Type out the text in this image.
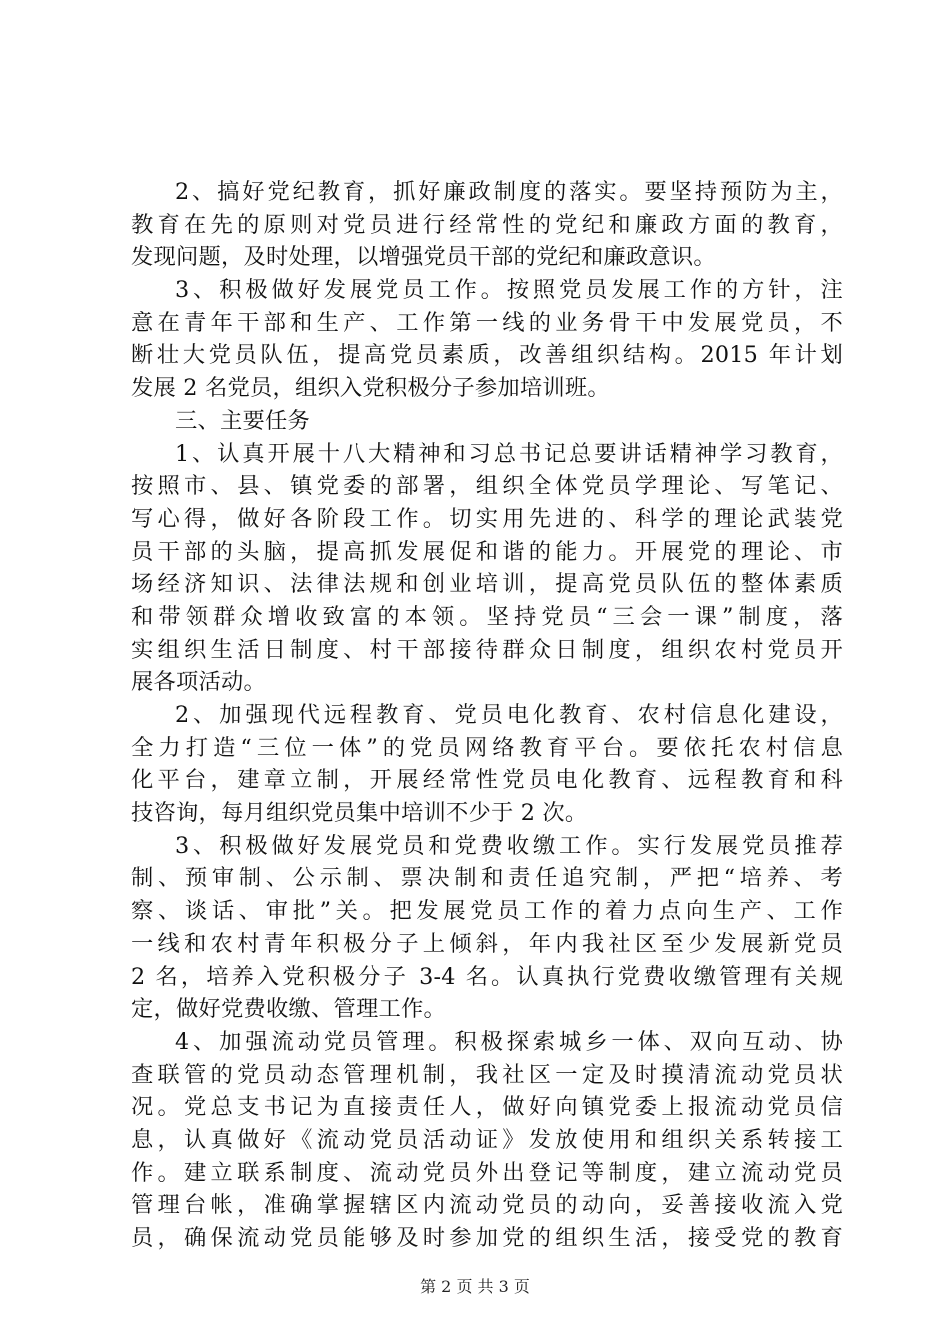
2、搞好党纪教育，抓好廉政制度的落实。要坚持预防为主，
教育在先的原则对党员进行经常性的党纪和廉政方面的教育，
发现问题，及时处理，以增强党员干部的党纪和廉政意识。
3、积极做好发展党员工作。按照党员发展工作的方针，注
意在青年干部和生产、工作第一线的业务骨干中发展党员，不
断壮大党员队伍，提高党员素质，改善组织结构。2015 年计划
发展 2 名党员，组织入党积极分子参加培训班。
三、主要任务
1、认真开展十八大精神和习总书记总要讲话精神学习教育，
按照市、县、镇党委的部署，组织全体党员学理论、写笔记、
写心得，做好各阶段工作。切实用先进的、科学的理论武装党
员干部的头脑，提高抓发展促和谐的能力。开展党的理论、市
场经济知识、法律法规和创业培训，提高党员队伍的整体素质
和带领群众增收致富的本领。坚持党员“三会一课”制度，落
实组织生活日制度、村干部接待群众日制度，组织农村党员开
展各项活动。
2、加强现代远程教育、党员电化教育、农村信息化建设，
全力打造“三位一体”的党员网络教育平台。要依托农村信息
化平台，建章立制，开展经常性党员电化教育、远程教育和科
技咨询，每月组织党员集中培训不少于 2 次。
3、积极做好发展党员和党费收缴工作。实行发展党员推荐
制、预审制、公示制、票决制和责任追究制，严把“培养、考
察、谈话、审批”关。把发展党员工作的着力点向生产、工作
一线和农村青年积极分子上倾斜，年内我社区至少发展新党员
2 名，培养入党积极分子 3-4 名。认真执行党费收缴管理有关规
定，做好党费收缴、管理工作。
4、加强流动党员管理。积极探索城乡一体、双向互动、协
查联管的党员动态管理机制，我社区一定及时摸清流动党员状
况。党总支书记为直接责任人，做好向镇党委上报流动党员信
息，认真做好《流动党员活动证》发放使用和组织关系转接工
作。建立联系制度、流动党员外出登记等制度，建立流动党员
管理台帐，准确掌握辖区内流动党员的动向，妥善接收流入党
员，确保流动党员能够及时参加党的组织生活，接受党的教育
第 2 页 共 3 页
